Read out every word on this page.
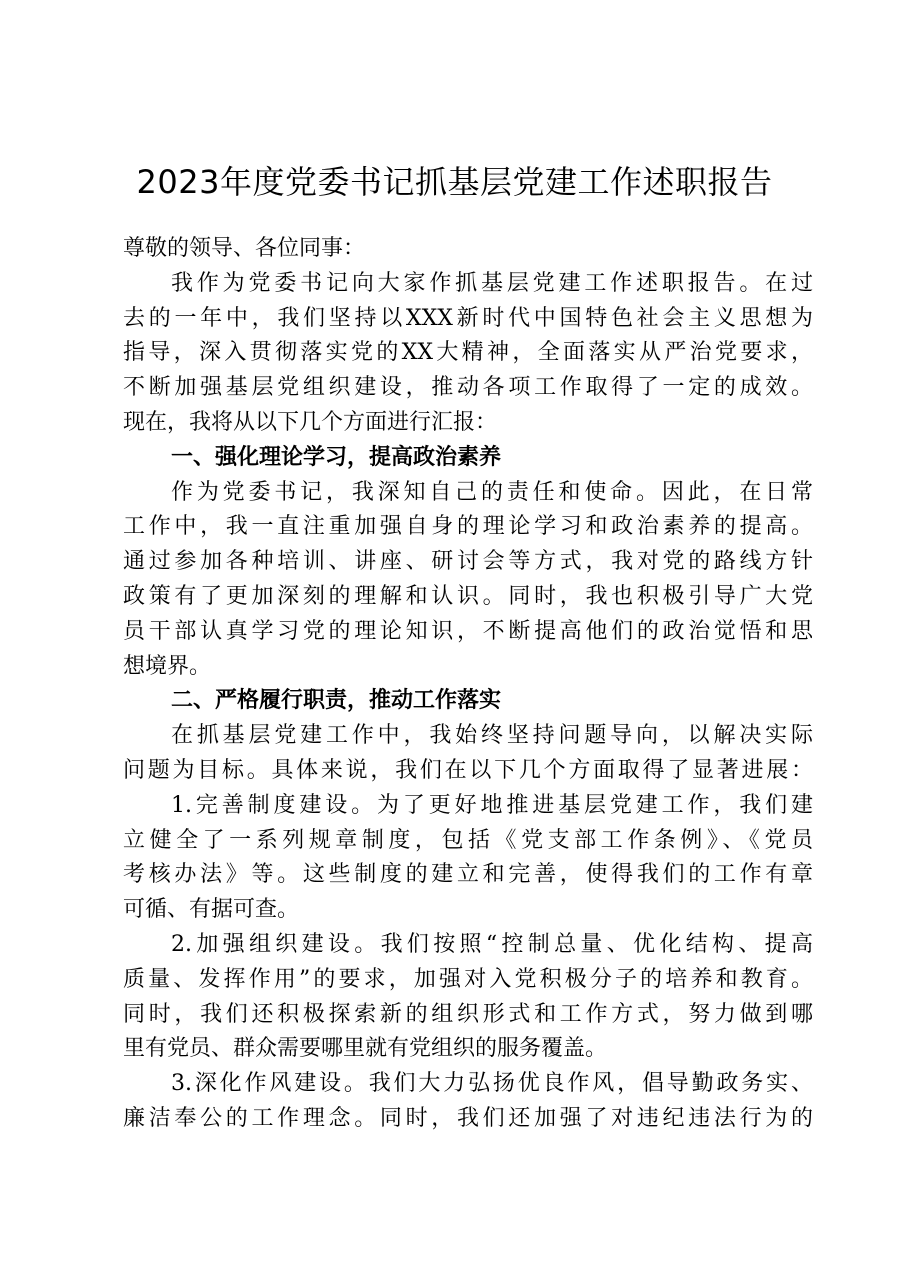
2023年度党委书记抓基层党建工作述职报告
尊敬的领导、各位同事：
我作为党委书记向大家作抓基层党建工作述职报告。在过
去的一年中，我们坚持以XXX新时代中国特色社会主义思想为
指导，深入贯彻落实党的XX大精神，全面落实从严治党要求，
不断加强基层党组织建设，推动各项工作取得了一定的成效。
现在，我将从以下几个方面进行汇报：
一、强化理论学习，提高政治素养
作为党委书记，我深知自己的责任和使命。因此，在日常
工作中，我一直注重加强自身的理论学习和政治素养的提高。
通过参加各种培训、讲座、研讨会等方式，我对党的路线方针
政策有了更加深刻的理解和认识。同时，我也积极引导广大党
员干部认真学习党的理论知识，不断提高他们的政治觉悟和思
想境界。
二、严格履行职责，推动工作落实
在抓基层党建工作中，我始终坚持问题导向，以解决实际
问题为目标。具体来说，我们在以下几个方面取得了显著进展：
1.完善制度建设。为了更好地推进基层党建工作，我们建
立健全了一系列规章制度，包括《党支部工作条例》、《党员
考核办法》等。这些制度的建立和完善，使得我们的工作有章
可循、有据可查。
2.加强组织建设。我们按照“控制总量、优化结构、提高
质量、发挥作用”的要求，加强对入党积极分子的培养和教育。
同时，我们还积极探索新的组织形式和工作方式，努力做到哪
里有党员、群众需要哪里就有党组织的服务覆盖。
3.深化作风建设。我们大力弘扬优良作风，倡导勤政务实、
廉洁奉公的工作理念。同时，我们还加强了对违纪违法行为的
